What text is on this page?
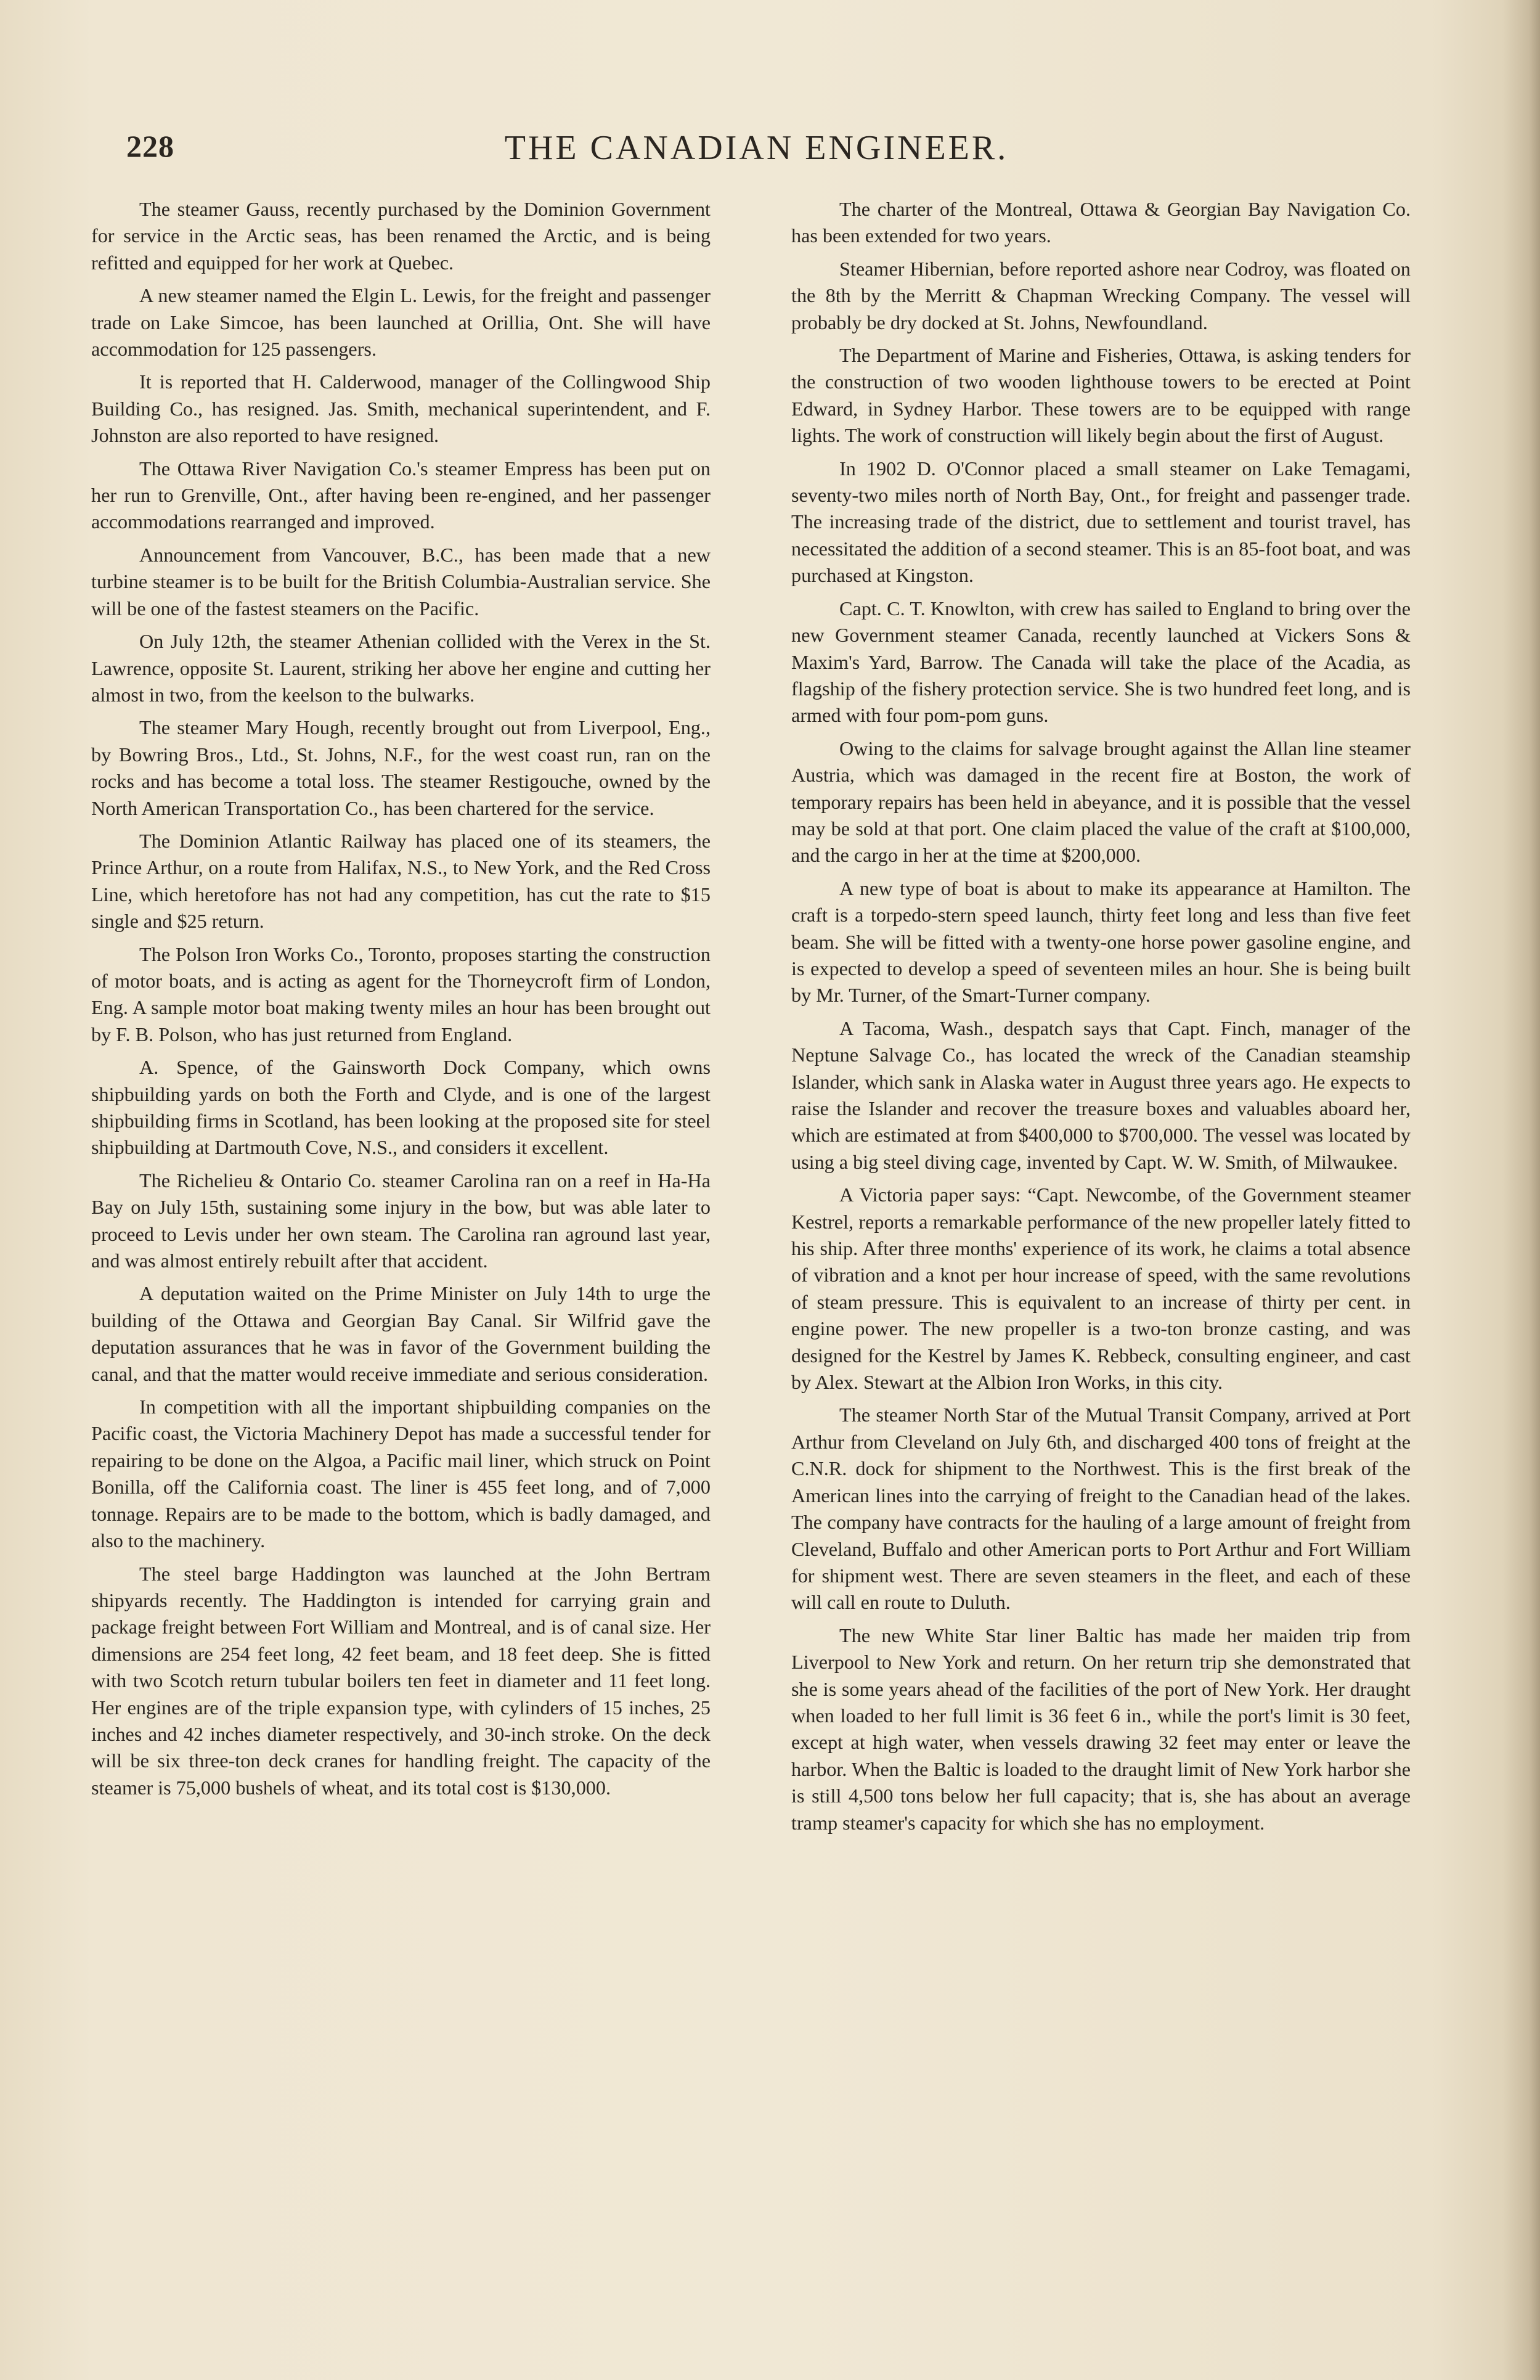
228	THE CANADIAN ENGINEER.

The steamer Gauss, recently purchased by the Dominion Government for service in the Arctic seas, has been renamed the Arctic, and is being refitted and equipped for her work at Quebec.

A new steamer named the Elgin L. Lewis, for the freight and passenger trade on Lake Simcoe, has been launched at Orillia, Ont. She will have accommodation for 125 passengers.

It is reported that H. Calderwood, manager of the Collingwood Ship Building Co., has resigned. Jas. Smith, mechanical superintendent, and F. Johnston are also reported to have resigned.

The Ottawa River Navigation Co.'s steamer Empress has been put on her run to Grenville, Ont., after having been re-engined, and her passenger accommodations rearranged and improved.

Announcement from Vancouver, B.C., has been made that a new turbine steamer is to be built for the British Columbia-Australian service. She will be one of the fastest steamers on the Pacific.

On July 12th, the steamer Athenian collided with the Verex in the St. Lawrence, opposite St. Laurent, striking her above her engine and cutting her almost in two, from the keelson to the bulwarks.

The steamer Mary Hough, recently brought out from Liverpool, Eng., by Bowring Bros., Ltd., St. Johns, N.F., for the west coast run, ran on the rocks and has become a total loss. The steamer Restigouche, owned by the North American Transportation Co., has been chartered for the service.

The Dominion Atlantic Railway has placed one of its steamers, the Prince Arthur, on a route from Halifax, N.S., to New York, and the Red Cross Line, which heretofore has not had any competition, has cut the rate to $15 single and $25 return.

The Polson Iron Works Co., Toronto, proposes starting the construction of motor boats, and is acting as agent for the Thorneycroft firm of London, Eng. A sample motor boat making twenty miles an hour has been brought out by F. B. Polson, who has just returned from England.

A. Spence, of the Gainsworth Dock Company, which owns shipbuilding yards on both the Forth and Clyde, and is one of the largest shipbuilding firms in Scotland, has been looking at the proposed site for steel shipbuilding at Dartmouth Cove, N.S., and considers it excellent.

The Richelieu & Ontario Co. steamer Carolina ran on a reef in Ha-Ha Bay on July 15th, sustaining some injury in the bow, but was able later to proceed to Levis under her own steam. The Carolina ran aground last year, and was almost entirely rebuilt after that accident.

A deputation waited on the Prime Minister on July 14th to urge the building of the Ottawa and Georgian Bay Canal. Sir Wilfrid gave the deputation assurances that he was in favor of the Government building the canal, and that the matter would receive immediate and serious consideration.

In competition with all the important shipbuilding companies on the Pacific coast, the Victoria Machinery Depot has made a successful tender for repairing to be done on the Algoa, a Pacific mail liner, which struck on Point Bonilla, off the California coast. The liner is 455 feet long, and of 7,000 tonnage. Repairs are to be made to the bottom, which is badly damaged, and also to the machinery.

The steel barge Haddington was launched at the John Bertram shipyards recently. The Haddington is intended for carrying grain and package freight between Fort William and Montreal, and is of canal size. Her dimensions are 254 feet long, 42 feet beam, and 18 feet deep. She is fitted with two Scotch return tubular boilers ten feet in diameter and 11 feet long. Her engines are of the triple expansion type, with cylinders of 15 inches, 25 inches and 42 inches diameter respectively, and 30-inch stroke. On the deck will be six three-ton deck cranes for handling freight. The capacity of the steamer is 75,000 bushels of wheat, and its total cost is $130,000.

The charter of the Montreal, Ottawa & Georgian Bay Navigation Co. has been extended for two years.

Steamer Hibernian, before reported ashore near Codroy, was floated on the 8th by the Merritt & Chapman Wrecking Company. The vessel will probably be dry docked at St. Johns, Newfoundland.

The Department of Marine and Fisheries, Ottawa, is asking tenders for the construction of two wooden lighthouse towers to be erected at Point Edward, in Sydney Harbor. These towers are to be equipped with range lights. The work of construction will likely begin about the first of August.

In 1902 D. O'Connor placed a small steamer on Lake Temagami, seventy-two miles north of North Bay, Ont., for freight and passenger trade. The increasing trade of the district, due to settlement and tourist travel, has necessitated the addition of a second steamer. This is an 85-foot boat, and was purchased at Kingston.

Capt. C. T. Knowlton, with crew has sailed to England to bring over the new Government steamer Canada, recently launched at Vickers Sons & Maxim's Yard, Barrow. The Canada will take the place of the Acadia, as flagship of the fishery protection service. She is two hundred feet long, and is armed with four pom-pom guns.

Owing to the claims for salvage brought against the Allan line steamer Austria, which was damaged in the recent fire at Boston, the work of temporary repairs has been held in abeyance, and it is possible that the vessel may be sold at that port. One claim placed the value of the craft at $100,000, and the cargo in her at the time at $200,000.

A new type of boat is about to make its appearance at Hamilton. The craft is a torpedo-stern speed launch, thirty feet long and less than five feet beam. She will be fitted with a twenty-one horse power gasoline engine, and is expected to develop a speed of seventeen miles an hour. She is being built by Mr. Turner, of the Smart-Turner company.

A Tacoma, Wash., despatch says that Capt. Finch, manager of the Neptune Salvage Co., has located the wreck of the Canadian steamship Islander, which sank in Alaska water in August three years ago. He expects to raise the Islander and recover the treasure boxes and valuables aboard her, which are estimated at from $400,000 to $700,000. The vessel was located by using a big steel diving cage, invented by Capt. W. W. Smith, of Milwaukee.

A Victoria paper says: “Capt. Newcombe, of the Government steamer Kestrel, reports a remarkable performance of the new propeller lately fitted to his ship. After three months' experience of its work, he claims a total absence of vibration and a knot per hour increase of speed, with the same revolutions of steam pressure. This is equivalent to an increase of thirty per cent. in engine power. The new propeller is a two-ton bronze casting, and was designed for the Kestrel by James K. Rebbeck, consulting engineer, and cast by Alex. Stewart at the Albion Iron Works, in this city.

The steamer North Star of the Mutual Transit Company, arrived at Port Arthur from Cleveland on July 6th, and discharged 400 tons of freight at the C.N.R. dock for shipment to the Northwest. This is the first break of the American lines into the carrying of freight to the Canadian head of the lakes. The company have contracts for the hauling of a large amount of freight from Cleveland, Buffalo and other American ports to Port Arthur and Fort William for shipment west. There are seven steamers in the fleet, and each of these will call en route to Duluth.

The new White Star liner Baltic has made her maiden trip from Liverpool to New York and return. On her return trip she demonstrated that she is some years ahead of the facilities of the port of New York. Her draught when loaded to her full limit is 36 feet 6 in., while the port's limit is 30 feet, except at high water, when vessels drawing 32 feet may enter or leave the harbor. When the Baltic is loaded to the draught limit of New York harbor she is still 4,500 tons below her full capacity; that is, she has about an average tramp steamer's capacity for which she has no employment.
